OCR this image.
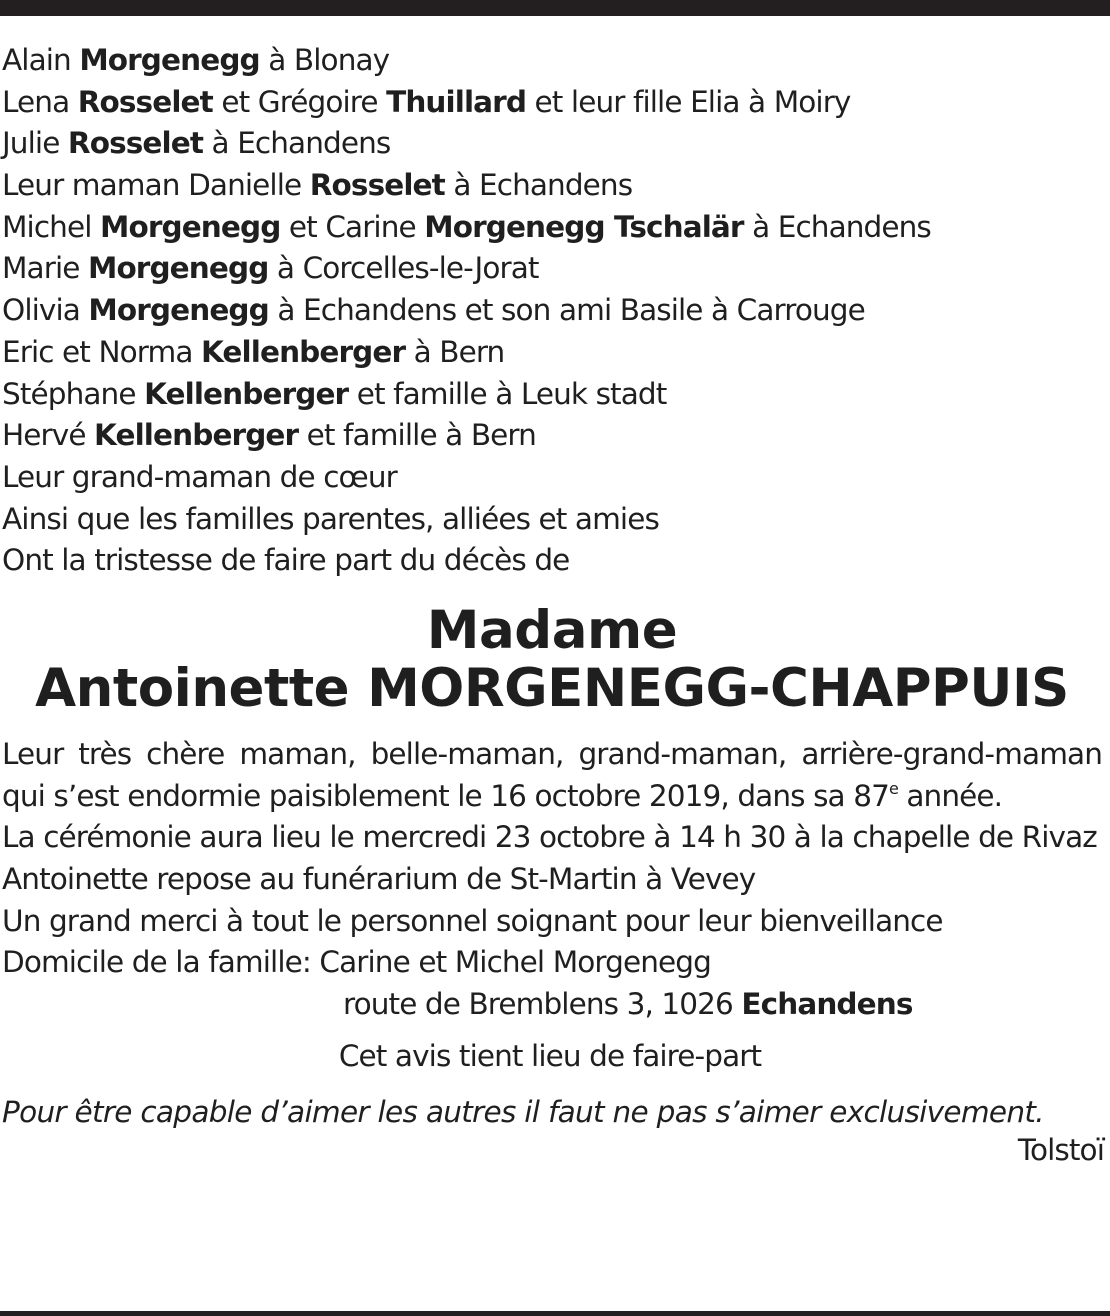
Alain Morgenegg à Blonay
Lena Rosselet et Grégoire Thuillard et leur fille Elia à Moiry
Julie Rosselet à Echandens
Leur maman Danielle Rosselet à Echandens
Michel Morgenegg et Carine Morgenegg Tschalär à Echandens
Marie Morgenegg à Corcelles-le-Jorat
Olivia Morgenegg à Echandens et son ami Basile à Carrouge
Eric et Norma Kellenberger à Bern
Stéphane Kellenberger et famille à Leuk stadt
Hervé Kellenberger et famille à Bern
Leur grand-maman de cœur
Ainsi que les familles parentes, alliées et amies
Ont la tristesse de faire part du décès de
Madame
Antoinette MORGENEGG-CHAPPUIS
Leur très chère maman, belle-maman, grand-maman, arrière-grand-maman qui s’est endormie paisiblement le 16 octobre 2019, dans sa 87e année.
La cérémonie aura lieu le mercredi 23 octobre à 14 h 30 à la chapelle de Rivaz
Antoinette repose au funérarium de St-Martin à Vevey
Un grand merci à tout le personnel soignant pour leur bienveillance
Domicile de la famille: Carine et Michel Morgenegg
route de Bremblens 3, 1026 Echandens
Cet avis tient lieu de faire-part
Pour être capable d’aimer les autres il faut ne pas s’aimer exclusivement.
Tolstoï
